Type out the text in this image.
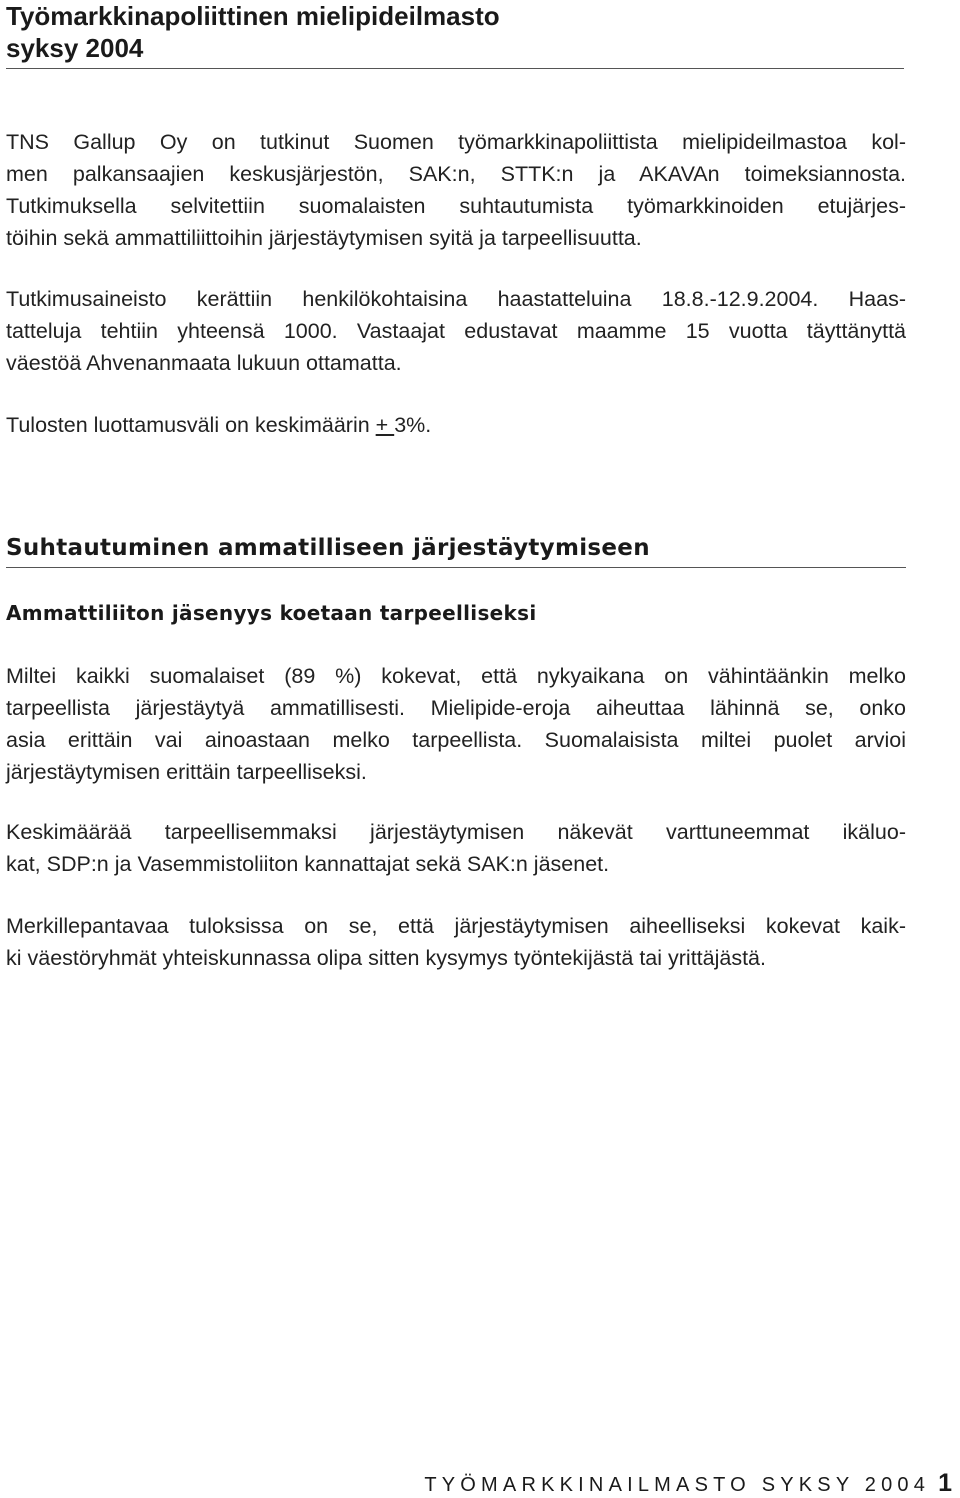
Työmarkkinapoliittinen mielipideilmasto
syksy 2004
TNS Gallup Oy on tutkinut Suomen työmarkkinapoliittista mielipideilmastoa kol-
men palkansaajien keskusjärjestön, SAK:n, STTK:n ja AKAVAn toimeksiannosta.
Tutkimuksella selvitettiin suomalaisten suhtautumista työmarkkinoiden etujärjes-
töihin sekä ammattiliittoihin järjestäytymisen syitä ja tarpeellisuutta.
Tutkimusaineisto kerättiin henkilökohtaisina haastatteluina 18.8.-12.9.2004. Haas-
tatteluja tehtiin yhteensä 1000. Vastaajat edustavat maamme 15 vuotta täyttänyttä
väestöä Ahvenanmaata lukuun ottamatta.
Tulosten luottamusväli on keskimäärin + 3%.
Suhtautuminen ammatilliseen järjestäytymiseen
Ammattiliiton jäsenyys koetaan tarpeelliseksi
Miltei kaikki suomalaiset (89 %) kokevat, että nykyaikana on vähintäänkin melko
tarpeellista järjestäytyä ammatillisesti. Mielipide-eroja aiheuttaa lähinnä se, onko
asia erittäin vai ainoastaan melko tarpeellista. Suomalaisista miltei puolet arvioi
järjestäytymisen erittäin tarpeelliseksi.
Keskimäärää tarpeellisemmaksi järjestäytymisen näkevät varttuneemmat ikäluo-
kat, SDP:n ja Vasemmistoliiton kannattajat sekä SAK:n jäsenet.
Merkillepantavaa tuloksissa on se, että järjestäytymisen aiheelliseksi kokevat kaik-
ki väestöryhmät yhteiskunnassa olipa sitten kysymys työntekijästä tai yrittäjästä.
TYÖMARKKINAILMASTO SYKSY 2004 1
